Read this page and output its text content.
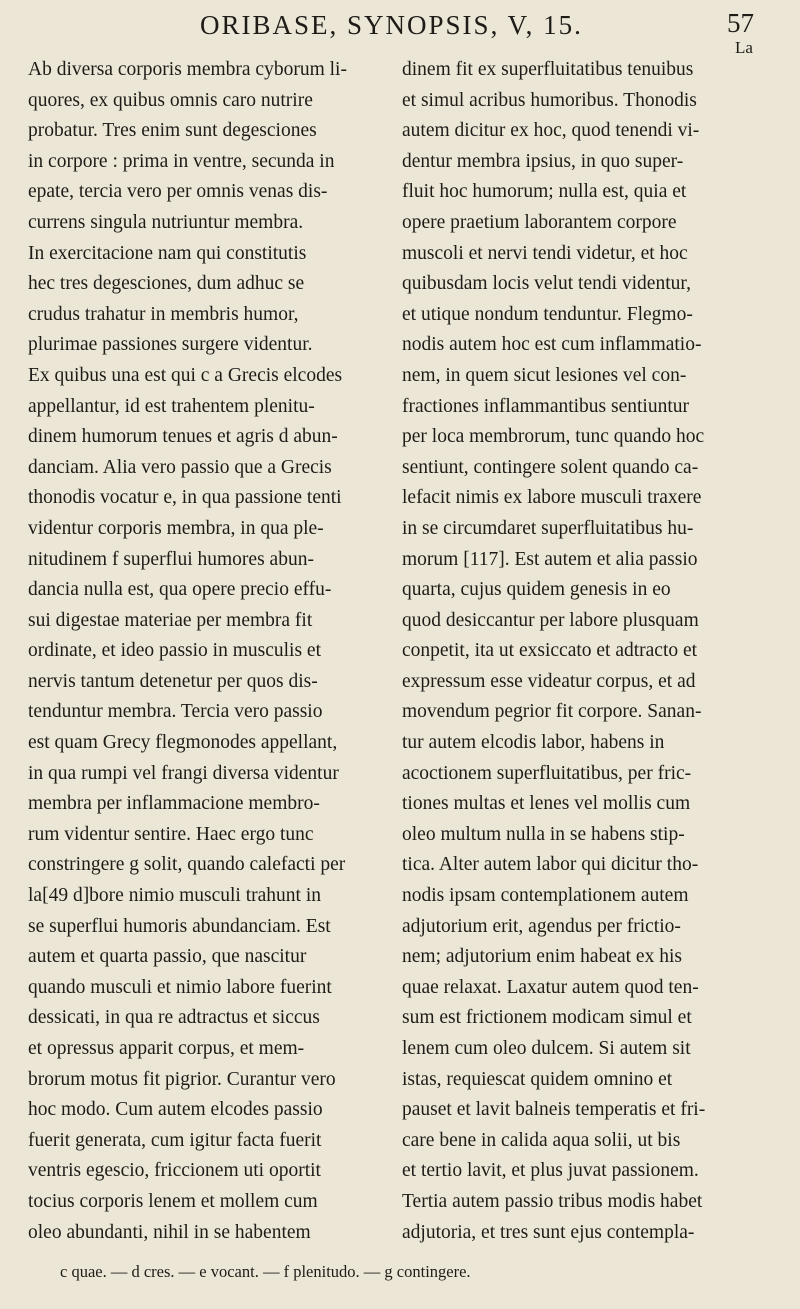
ORIBASE, SYNOPSIS, V, 15.	57
La
Ab diversa corporis membra cyborum li-
quores, ex quibus omnis caro nutrire
probatur. Tres enim sunt degesciones
in corpore : prima in ventre, secunda in
epate, tercia vero per omnis venas dis-
currens singula nutriuntur membra.
In exercitacione nam qui constitutis
hec tres degesciones, dum adhuc se
crudus trahatur in membris humor,
plurimae passiones surgere videntur.
Ex quibus una est qui c a Grecis elcodes
appellantur, id est trahentem plenitu-
dinem humorum tenues et agris d abun-
danciam. Alia vero passio que a Grecis
thonodis vocatur e, in qua passione tenti
videntur corporis membra, in qua ple-
nitudinem f superflui humores abun-
dancia nulla est, qua opere precio effu-
sui digestae materiae per membra fit
ordinate, et ideo passio in musculis et
nervis tantum detenetur per quos dis-
tenduntur membra. Tercia vero passio
est quam Grecy flegmonodes appellant,
in qua rumpi vel frangi diversa videntur
membra per inflammacione membro-
rum videntur sentire. Haec ergo tunc
constringere g solit, quando calefacti per
la[49 d]bore nimio musculi trahunt in
se superflui humoris abundanciam. Est
autem et quarta passio, que nascitur
quando musculi et nimio labore fuerint
dessicati, in qua re adtractus et siccus
et opressus apparit corpus, et mem-
brorum motus fit pigrior. Curantur vero
hoc modo. Cum autem elcodes passio
fuerit generata, cum igitur facta fuerit
ventris egescio, friccionem uti oportit
tocius corporis lenem et mollem cum
oleo abundanti, nihil in se habentem
dinem fit ex superfluitatibus tenuibus
et simul acribus humoribus. Thonodis
autem dicitur ex hoc, quod tenendi vi-
dentur membra ipsius, in quo super-
fluit hoc humorum; nulla est, quia et
opere praetium laborantem corpore
muscoli et nervi tendi videtur, et hoc
quibusdam locis velut tendi videntur,
et utique nondum tenduntur. Flegmo-
nodis autem hoc est cum inflammatio-
nem, in quem sicut lesiones vel con-
fractiones inflammantibus sentiuntur
per loca membrorum, tunc quando hoc
sentiunt, contingere solent quando ca-
lefacit nimis ex labore musculi traxere
in se circumdaret superfluitatibus hu-
morum [117]. Est autem et alia passio
quarta, cujus quidem genesis in eo
quod desiccantur per labore plusquam
conpetit, ita ut exsiccato et adtracto et
expressum esse videatur corpus, et ad
movendum pegrior fit corpore. Sanan-
tur autem elcodis labor, habens in
acoctionem superfluitatibus, per fric-
tiones multas et lenes vel mollis cum
oleo multum nulla in se habens stip-
tica. Alter autem labor qui dicitur tho-
nodis ipsam contemplationem autem
adjutorium erit, agendus per frictio-
nem; adjutorium enim habeat ex his
quae relaxat. Laxatur autem quod ten-
sum est frictionem modicam simul et
lenem cum oleo dulcem. Si autem sit
istas, requiescat quidem omnino et
pauset et lavit balneis temperatis et fri-
care bene in calida aqua solii, ut bis
et tertio lavit, et plus juvat passionem.
Tertia autem passio tribus modis habet
adjutoria, et tres sunt ejus contempla-
c quae. — d cres. — e vocant. — f plenitudo. — g contingere.
